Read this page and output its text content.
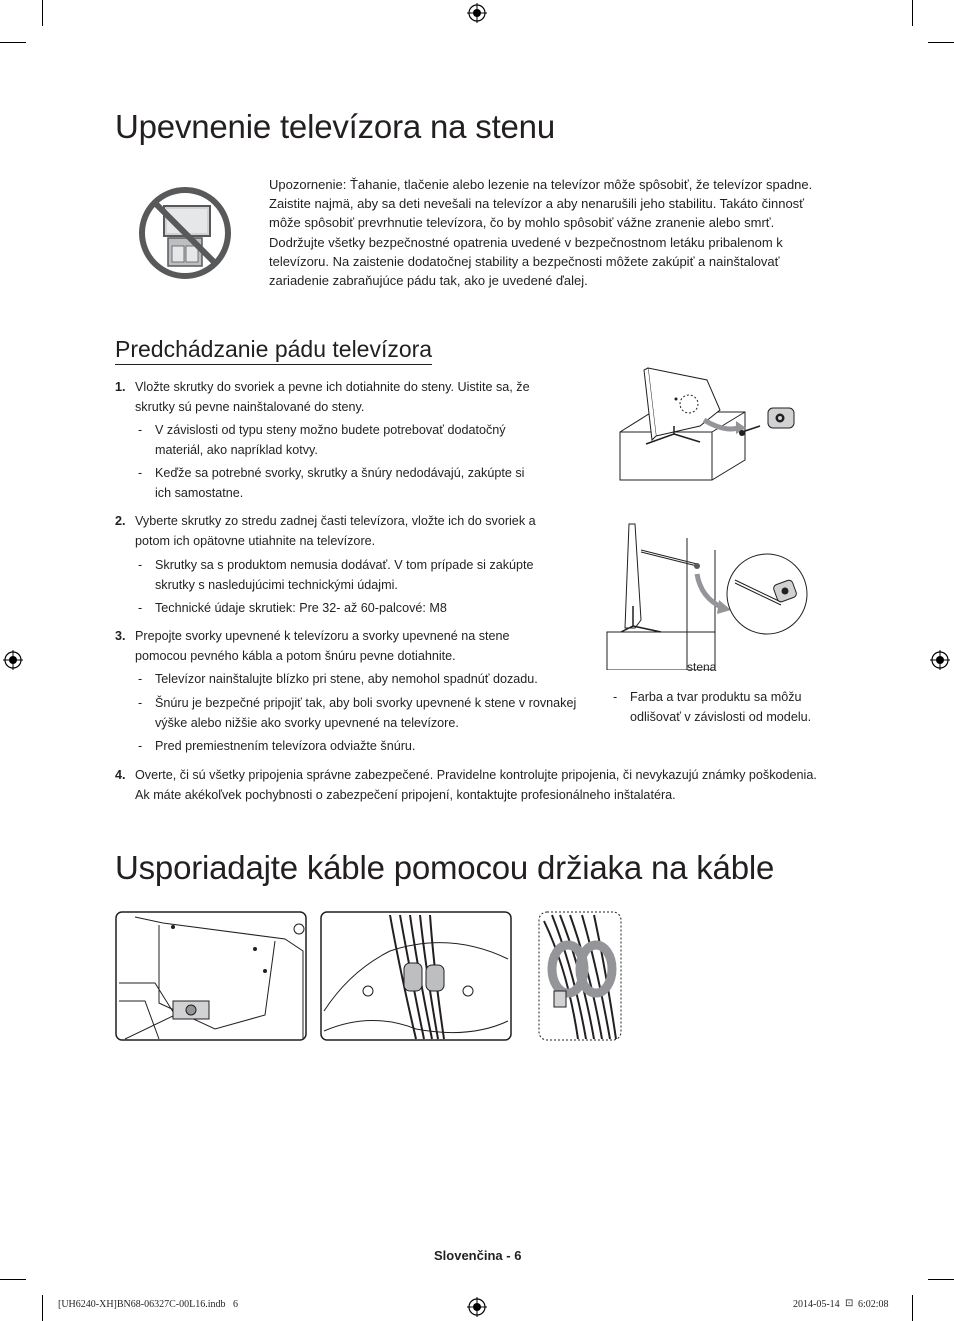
Upevnenie televízora na stenu
Upozornenie: Ťahanie, tlačenie alebo lezenie na televízor môže spôsobiť, že televízor spadne. Zaistite najmä, aby sa deti nevešali na televízor a aby nenarušili jeho stabilitu. Takáto činnosť môže spôsobiť prevrhnutie televízora, čo by mohlo spôsobiť vážne zranenie alebo smrť. Dodržujte všetky bezpečnostné opatrenia uvedené v bezpečnostnom letáku pribalenom k televízoru. Na zaistenie dodatočnej stability a bezpečnosti môžete zakúpiť a nainštalovať zariadenie zabraňujúce pádu tak, ako je uvedené ďalej.
Predchádzanie pádu televízora
1. Vložte skrutky do svoriek a pevne ich dotiahnite do steny. Uistite sa, že
skrutky sú pevne nainštalované do steny.
- V závislosti od typu steny možno budete potrebovať dodatočný
materiál, ako napríklad kotvy.
- Keďže sa potrebné svorky, skrutky a šnúry nedodávajú, zakúpte si
ich samostatne.
2. Vyberte skrutky zo stredu zadnej časti televízora, vložte ich do svoriek a
potom ich opätovne utiahnite na televízore.
- Skrutky sa s produktom nemusia dodávať. V tom prípade si zakúpte
skrutky s nasledujúcimi technickými údajmi.
- Technické údaje skrutiek: Pre 32- až 60-palcové: M8
3. Prepojte svorky upevnené k televízoru a svorky upevnené na stene
pomocou pevného kábla a potom šnúru pevne dotiahnite.
- Televízor nainštalujte blízko pri stene, aby nemohol spadnúť dozadu.
- Šnúru je bezpečné pripojiť tak, aby boli svorky upevnené k stene v rovnakej
výške alebo nižšie ako svorky upevnené na televízore.
- Pred premiestnením televízora odviažte šnúru.
4. Overte, či sú všetky pripojenia správne zabezpečené. Pravidelne kontrolujte pripojenia, či nevykazujú známky poškodenia.
Ak máte akékoľvek pochybnosti o zabezpečení pripojení, kontaktujte profesionálneho inštalatéra.
stena
- Farba a tvar produktu sa môžu
odlišovať v závislosti od modelu.
Usporiadajte káble pomocou držiaka na káble
Slovenčina - 6
[UH6240-XH]BN68-06327C-00L16.indb   6	2014-05-14 ⊡ 6:02:08
